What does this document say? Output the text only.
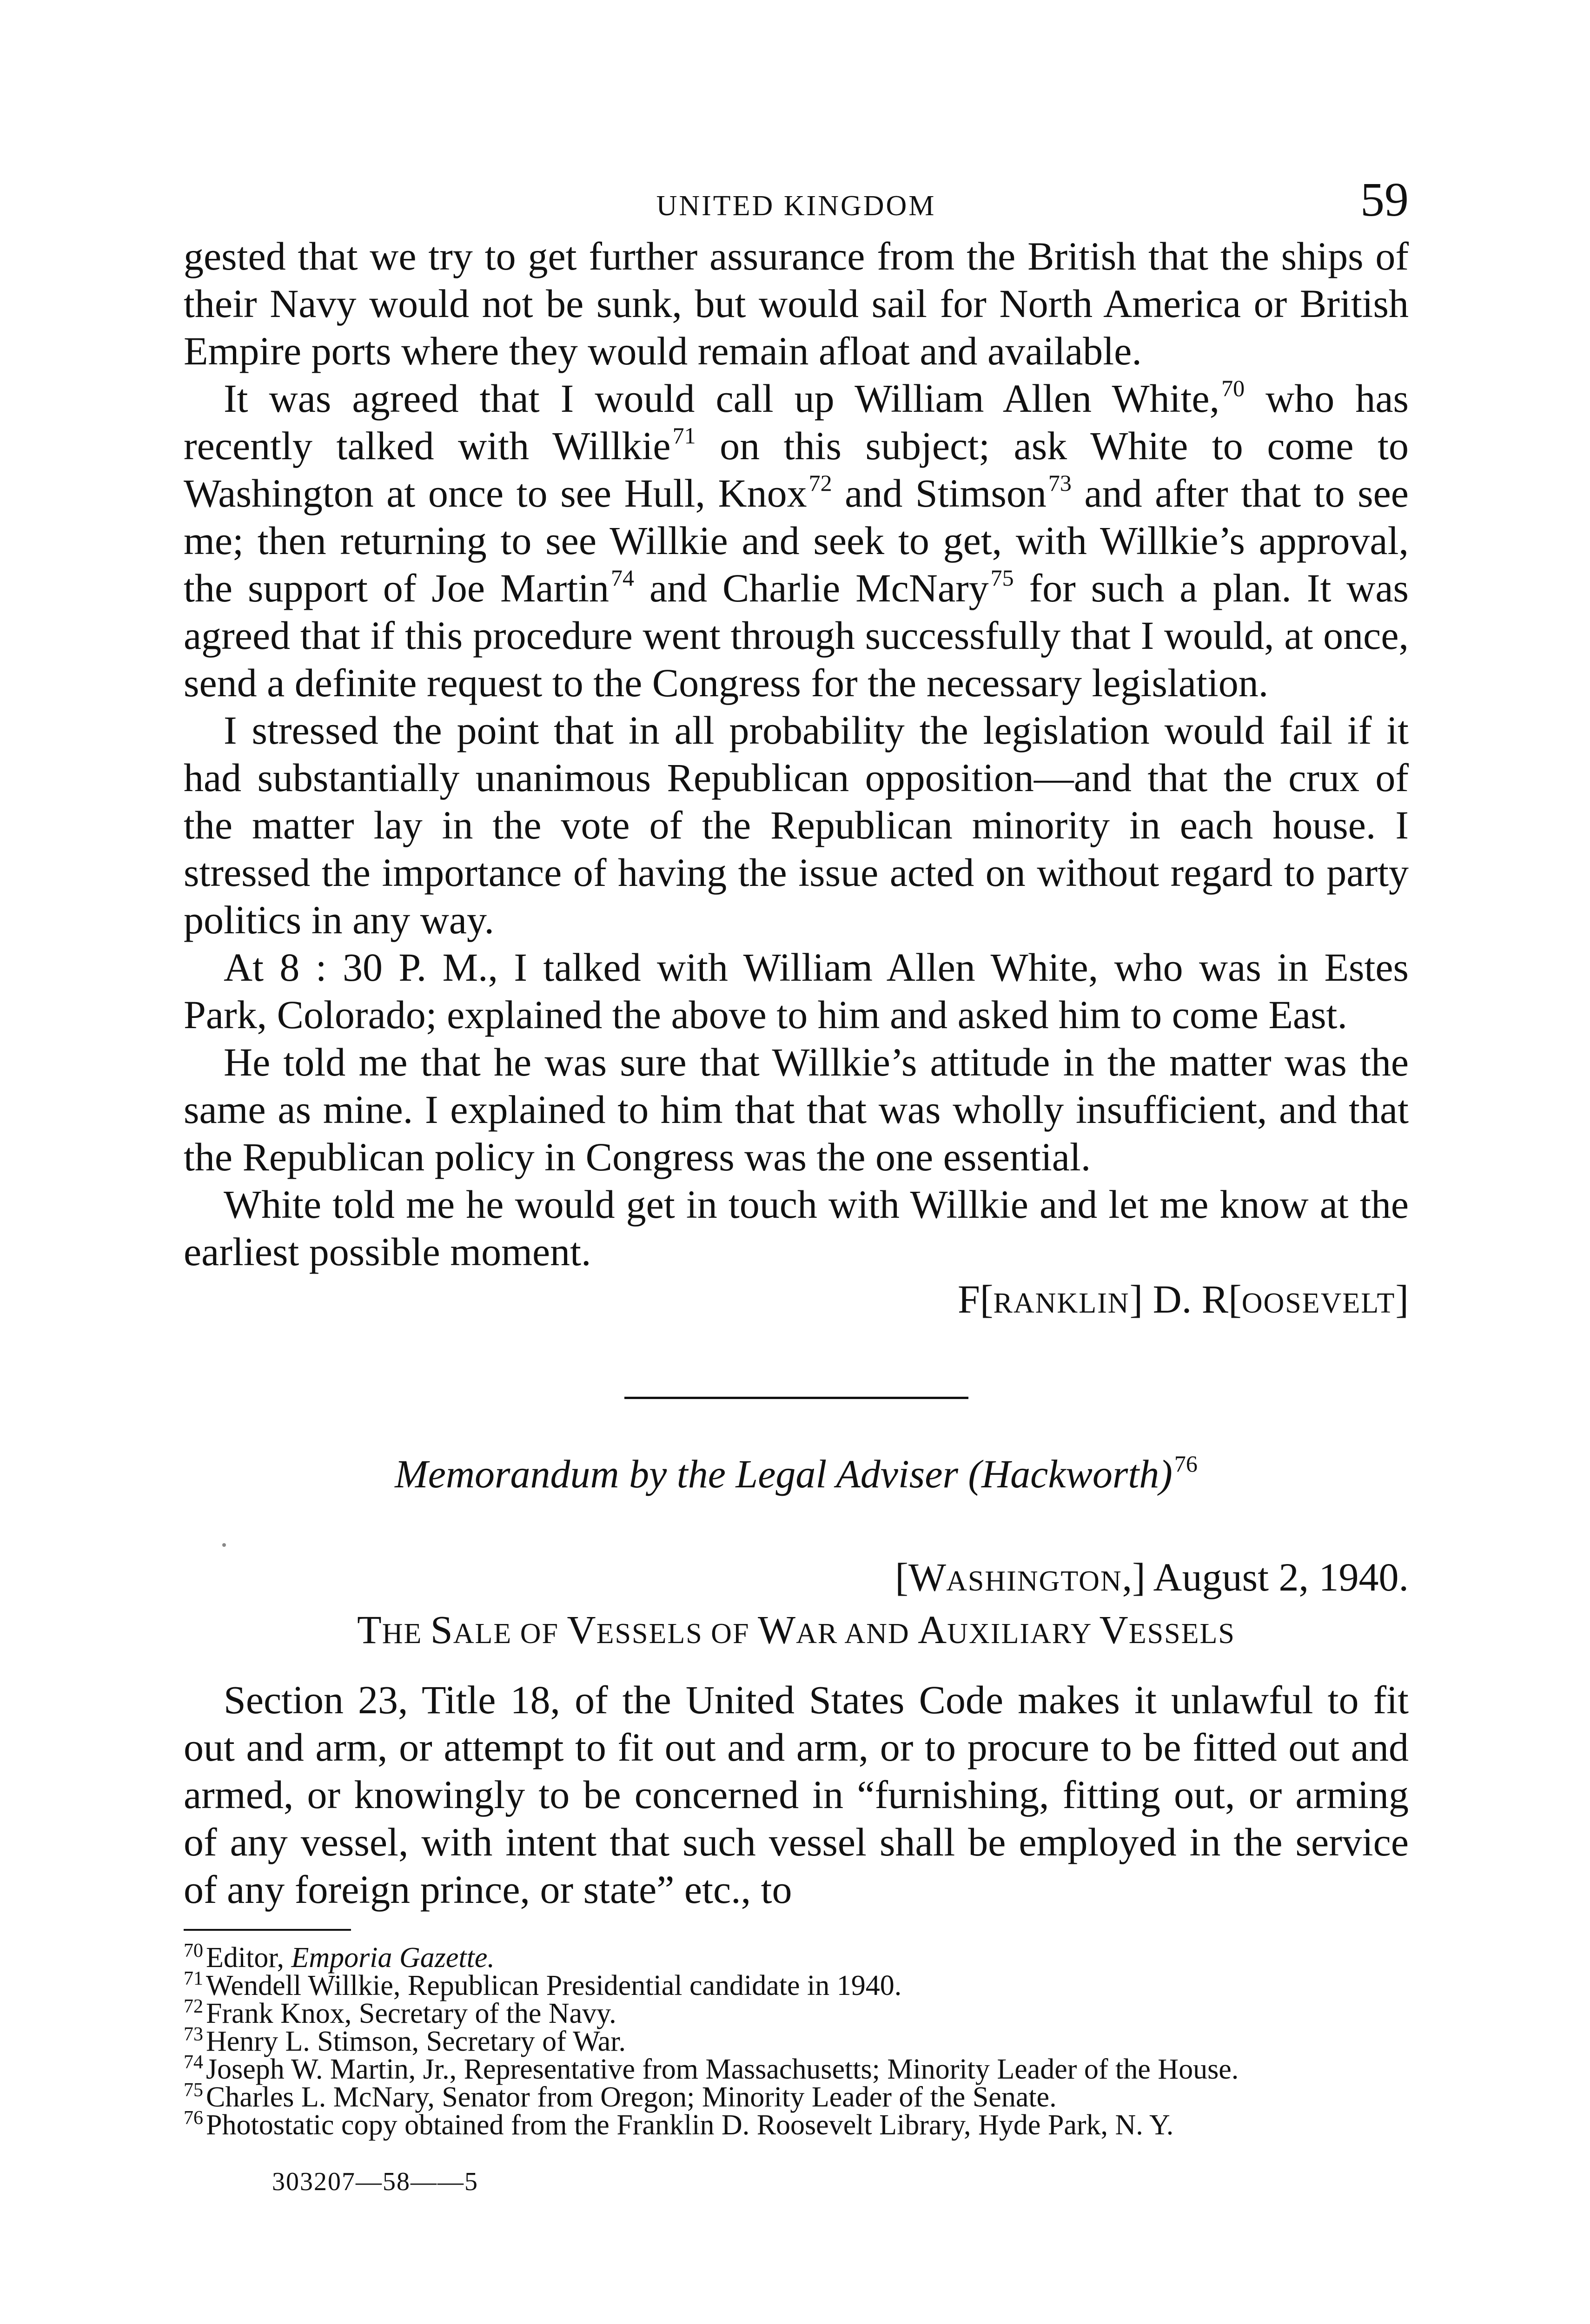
UNITED KINGDOM	59

gested that we try to get further assurance from the British that the ships of their Navy would not be sunk, but would sail for North America or British Empire ports where they would remain afloat and available.

It was agreed that I would call up William Allen White,$^{70}$ who has recently talked with Willkie$^{71}$ on this subject; ask White to come to Washington at once to see Hull, Knox$^{72}$ and Stimson$^{73}$ and after that to see me; then returning to see Willkie and seek to get, with Willkie’s approval, the support of Joe Martin$^{74}$ and Charlie McNary$^{75}$ for such a plan. It was agreed that if this procedure went through successfully that I would, at once, send a definite request to the Congress for the necessary legislation.

I stressed the point that in all probability the legislation would fail if it had substantially unanimous Republican opposition—and that the crux of the matter lay in the vote of the Republican minority in each house. I stressed the importance of having the issue acted on without regard to party politics in any way.

At 8 : 30 P. M., I talked with William Allen White, who was in Estes Park, Colorado; explained the above to him and asked him to come East.

He told me that he was sure that Willkie’s attitude in the matter was the same as mine. I explained to him that that was wholly insufficient, and that the Republican policy in Congress was the one essential.

White told me he would get in touch with Willkie and let me know at the earliest possible moment.

F[RANKLIN] D. R[OOSEVELT]
Memorandum by the Legal Adviser (Hackworth)$^{76}$
[WASHINGTON,] August 2, 1940.
THE SALE OF VESSELS OF WAR AND AUXILIARY VESSELS

Section 23, Title 18, of the United States Code makes it unlawful to fit out and arm, or attempt to fit out and arm, or to procure to be fitted out and armed, or knowingly to be concerned in “furnishing, fitting out, or arming of any vessel, with intent that such vessel shall be employed in the service of any foreign prince, or state” etc., to

$^{70}$Editor, Emporia Gazette.
$^{71}$Wendell Willkie, Republican Presidential candidate in 1940.
$^{72}$Frank Knox, Secretary of the Navy.
$^{73}$Henry L. Stimson, Secretary of War.
$^{74}$Joseph W. Martin, Jr., Representative from Massachusetts; Minority Leader of the House.
$^{75}$Charles L. McNary, Senator from Oregon; Minority Leader of the Senate.
$^{76}$Photostatic copy obtained from the Franklin D. Roosevelt Library, Hyde Park, N. Y.
303207—58——5
